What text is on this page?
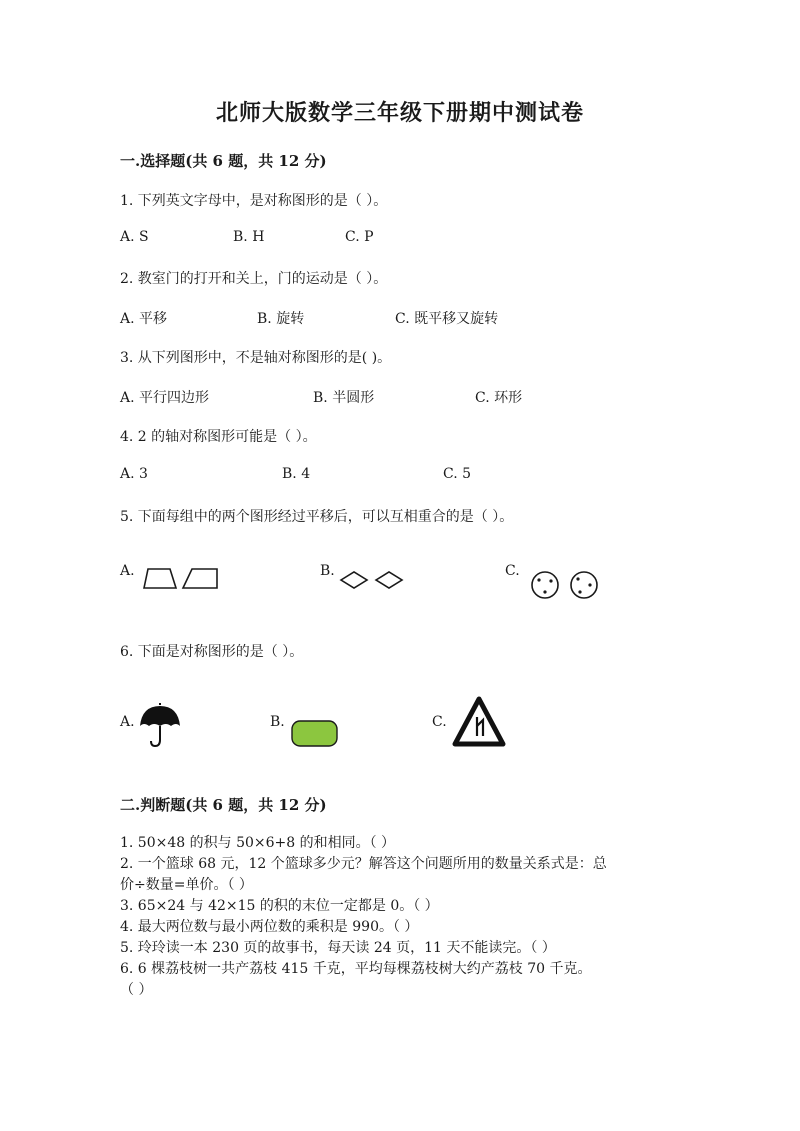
北师大版数学三年级下册期中测试卷
一.选择题(共 6 题，共 12 分)
1. 下列英文字母中，是对称图形的是（ ）。
A. S	B. H	C. P
2. 教室门的打开和关上，门的运动是（ ）。
A. 平移	B. 旋转	C. 既平移又旋转
3. 从下列图形中，不是轴对称图形的是( )。
A. 平行四边形	B. 半圆形	C. 环形
4. 2 的轴对称图形可能是（ ）。
A. 3	B. 4	C. 5
5. 下面每组中的两个图形经过平移后，可以互相重合的是（ ）。
A.	B.	C.
6. 下面是对称图形的是（ ）。
A.	B.	C.
二.判断题(共 6 题，共 12 分)
1. 50×48 的积与 50×6+8 的和相同。（ ）
2. 一个篮球 68 元，12 个篮球多少元？解答这个问题所用的数量关系式是：总
价÷数量=单价。（ ）
3. 65×24 与 42×15 的积的末位一定都是 0。（ ）
4. 最大两位数与最小两位数的乘积是 990。（ ）
5. 玲玲读一本 230 页的故事书，每天读 24 页，11 天不能读完。（ ）
6. 6 棵荔枝树一共产荔枝 415 千克，平均每棵荔枝树大约产荔枝 70 千克。
（ ）
